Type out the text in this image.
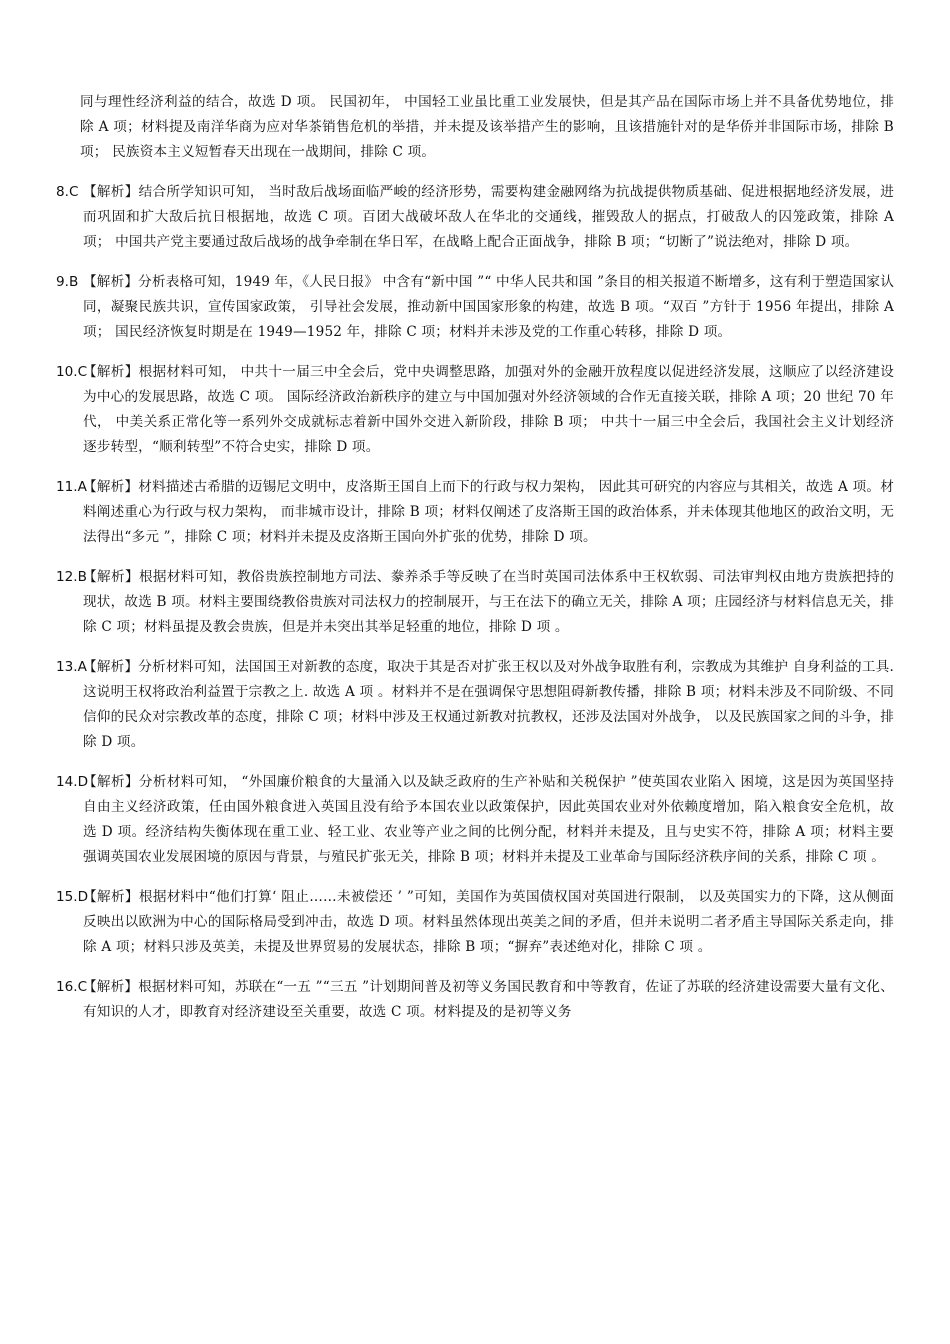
同与理性经济利益的结合，故选 D 项。 民国初年， 中国轻工业虽比重工业发展快，但是其产品在国际市场上并不具备优势地位，排除 A 项；材料提及南洋华商为应对华茶销售危机的举措，并未提及该举措产生的影响，且该措施针对的是华侨并非国际市场，排除 B 项； 民族资本主义短暂春天出现在一战期间，排除 C 项。

8.C 【解析】结合所学知识可知， 当时敌后战场面临严峻的经济形势，需要构建金融网络为抗战提供物质基础、促进根据地经济发展，进而巩固和扩大敌后抗日根据地，故选 C 项。百团大战破坏敌人在华北的交通线，摧毁敌人的据点，打破敌人的囚笼政策，排除 A 项； 中国共产党主要通过敌后战场的战争牵制在华日军，在战略上配合正面战争，排除 B 项；“切断了”说法绝对，排除 D 项。

9.B 【解析】分析表格可知，1949 年，《人民日报》 中含有“新中国 ”“ 中华人民共和国 ”条目的相关报道不断增多，这有利于塑造国家认同，凝聚民族共识，宣传国家政策， 引导社会发展，推动新中国国家形象的构建，故选 B 项。“双百 ”方针于 1956 年提出，排除 A 项； 国民经济恢复时期是在 1949—1952 年，排除 C 项；材料并未涉及党的工作重心转移，排除 D 项。

10.C

【解析】根据材料可知， 中共十一届三中全会后，党中央调整思路，加强对外的金融开放程度以促进经济发展，这顺应了以经济建设为中心的发展思路，故选 C 项。 国际经济政治新秩序的建立与中国加强对外经济领域的合作无直接关联，排除 A 项；20 世纪 70 年代， 中美关系正常化等一系列外交成就标志着新中国外交进入新阶段，排除 B 项； 中共十一届三中全会后，我国社会主义计划经济逐步转型，“顺利转型”不符合史实，排除 D 项。

11.A

【解析】材料描述古希腊的迈锡尼文明中，皮洛斯王国自上而下的行政与权力架构， 因此其可研究的内容应与其相关，故选 A 项。材料阐述重心为行政与权力架构， 而非城市设计，排除 B 项；材料仅阐述了皮洛斯王国的政治体系，并未体现其他地区的政治文明，无法得出“多元 ”，排除 C 项；材料并未提及皮洛斯王国向外扩张的优势，排除 D 项。

12.B

【解析】根据材料可知，教俗贵族控制地方司法、豢养杀手等反映了在当时英国司法体系中王权软弱、司法审判权由地方贵族把持的现状，故选 B 项。材料主要围绕教俗贵族对司法权力的控制展开，与王在法下的确立无关，排除 A 项；庄园经济与材料信息无关，排除 C 项；材料虽提及教会贵族，但是并未突出其举足轻重的地位，排除 D 项 。

13.A

【解析】分析材料可知，法国国王对新教的态度，取决于其是否对扩张王权以及对外战争取胜有利，宗教成为其维护 自身利益的工具. 这说明王权将政治利益置于宗教之上. 故选 A 项 。材料并不是在强调保守思想阻碍新教传播，排除 B 项；材料未涉及不同阶级、不同信仰的民众对宗教改革的态度，排除 C 项；材料中涉及王权通过新教对抗教权，还涉及法国对外战争， 以及民族国家之间的斗争，排除 D 项。

14.D

【解析】分析材料可知， “外国廉价粮食的大量涌入以及缺乏政府的生产补贴和关税保护 ”使英国农业陷入 困境，这是因为英国坚持自由主义经济政策，任由国外粮食进入英国且没有给予本国农业以政策保护，因此英国农业对外依赖度增加，陷入粮食安全危机，故选 D 项。经济结构失衡体现在重工业、轻工业、农业等产业之间的比例分配，材料并未提及，且与史实不符，排除 A 项；材料主要强调英国农业发展困境的原因与背景，与殖民扩张无关，排除 B 项；材料并未提及工业革命与国际经济秩序间的关系，排除 C 项 。

15.D

【解析】根据材料中“他们打算‘ 阻止……未被偿还 ’ ”可知，美国作为英国债权国对英国进行限制， 以及英国实力的下降，这从侧面反映出以欧洲为中心的国际格局受到冲击，故选 D 项。材料虽然体现出英美之间的矛盾，但并未说明二者矛盾主导国际关系走向，排除 A 项；材料只涉及英美，未提及世界贸易的发展状态，排除 B 项；“摒弃”表述绝对化，排除 C 项 。

16.C

【解析】根据材料可知，苏联在“一五 ”“三五 ”计划期间普及初等义务国民教育和中等教育，佐证了苏联的经济建设需要大量有文化、有知识的人才，即教育对经济建设至关重要，故选 C 项。材料提及的是初等义务
